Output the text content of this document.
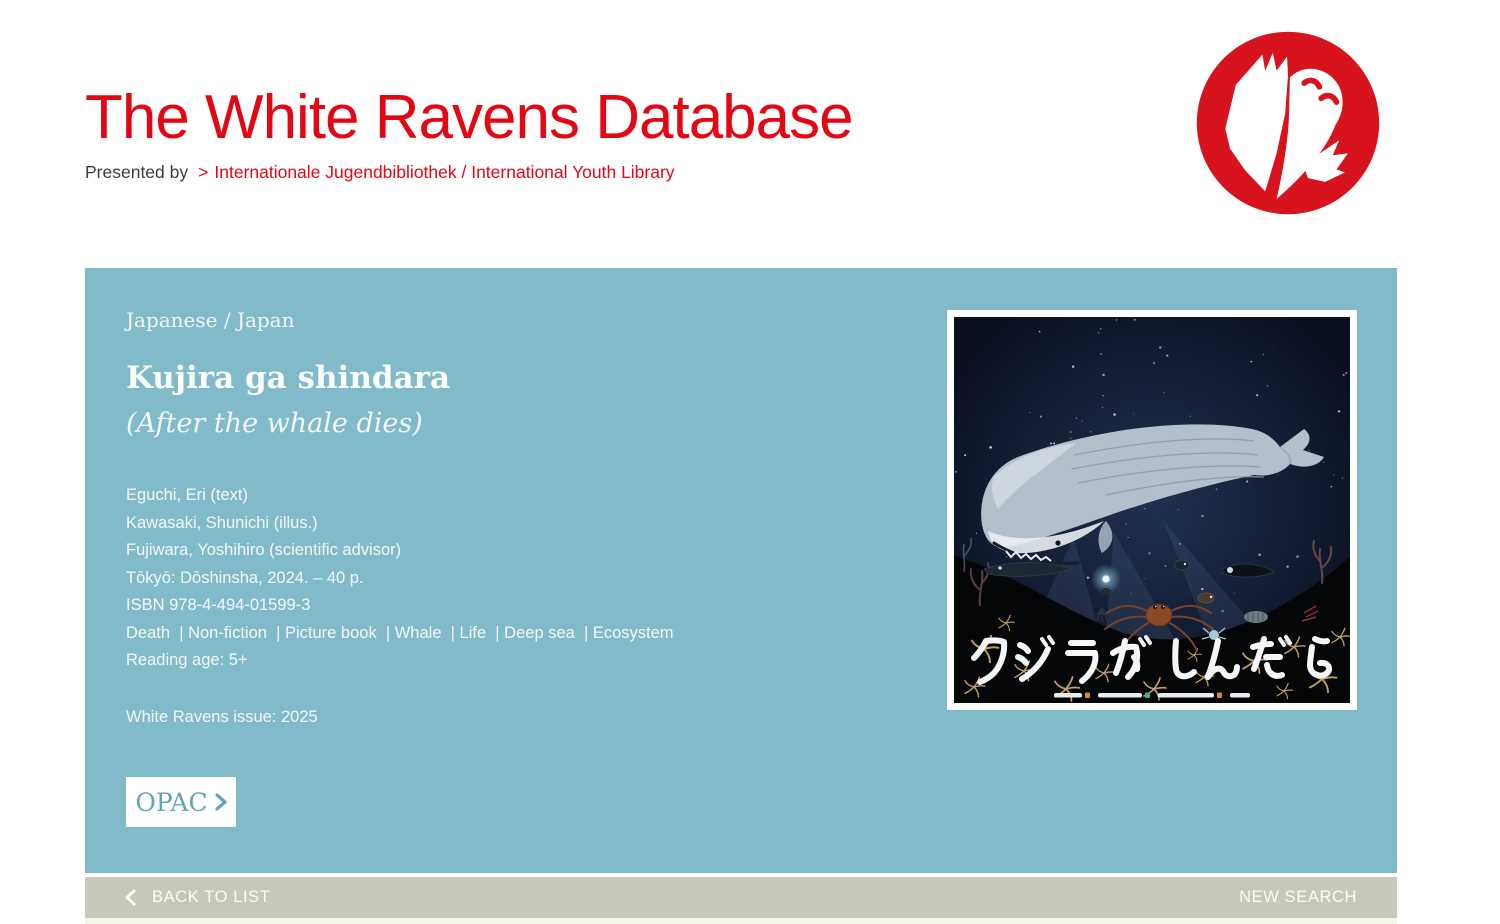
The White Ravens Database
Presented by > Internationale Jugendbibliothek / International Youth Library
Japanese / Japan
Kujira ga shindara
(After the whale dies)
Eguchi, Eri (text)
Kawasaki, Shunichi (illus.)
Fujiwara, Yoshihiro (scientific advisor)
Tōkyō: Dōshinsha, 2024. – 40 p.
ISBN 978-4-494-01599-3
Death  | Non-fiction  | Picture book  | Whale  | Life  | Deep sea  | Ecosystem
Reading age: 5+
White Ravens issue: 2025
OPAC
BACK TO LIST	NEW SEARCH
